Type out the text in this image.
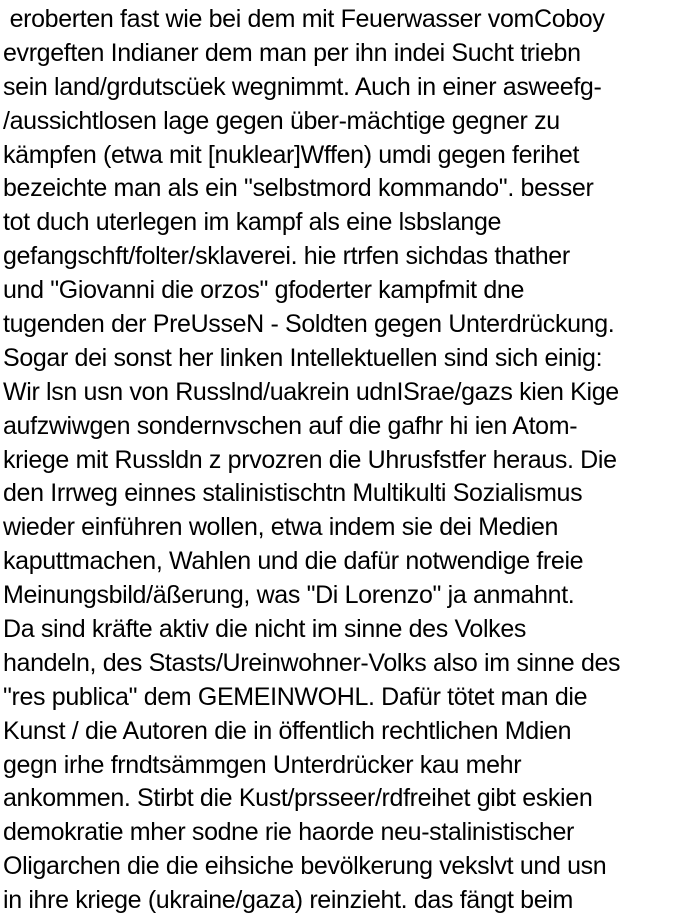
eroberten fast wie bei dem mit Feuerwasser vomCoboy
evrgeften Indianer dem man per ihn indei Sucht triebn
sein land/grdutscüek wegnimmt. Auch in einer asweefg-
/aussichtlosen lage gegen über-mächtige gegner zu
kämpfen (etwa mit [nuklear]Wffen) umdi gegen ferihet
bezeichte man als ein "selbstmord kommando". besser
tot duch uterlegen im kampf als eine lsbslange
gefangschft/folter/sklaverei. hie rtrfen sichdas thather
und "Giovanni die orzos" gfoderter kampfmit dne
tugenden der PreUsseN - Soldten gegen Unterdrückung.
Sogar dei sonst her linken Intellektuellen sind sich einig:
Wir lsn usn von Russlnd/uakrein udnISrae/gazs kien Kige
aufzwiwgen sondernvschen auf die gafhr hi ien Atom-
kriege mit Russldn z prvozren die Uhrusfstfer heraus. Die
den Irrweg einnes stalinistischtn Multikulti Sozialismus
wieder einführen wollen, etwa indem sie dei Medien
kaputtmachen, Wahlen und die dafür notwendige freie
Meinungsbild/äßerung, was "Di Lorenzo" ja anmahnt.
Da sind kräfte aktiv die nicht im sinne des Volkes
handeln, des Stasts/Ureinwohner-Volks also im sinne des
"res publica" dem GEMEINWOHL. Dafür tötet man die
Kunst / die Autoren die in öffentlich rechtlichen Mdien
gegn irhe frndtsämmgen Unterdrücker kau mehr
ankommen. Stirbt die Kust/prsseer/rdfreihet gibt eskien
demokratie mher sodne rie haorde neu-stalinistischer
Oligarchen die die eihsiche bevölkerung vekslvt und usn
in ihre kriege (ukraine/gaza) reinzieht. das fängt beim
